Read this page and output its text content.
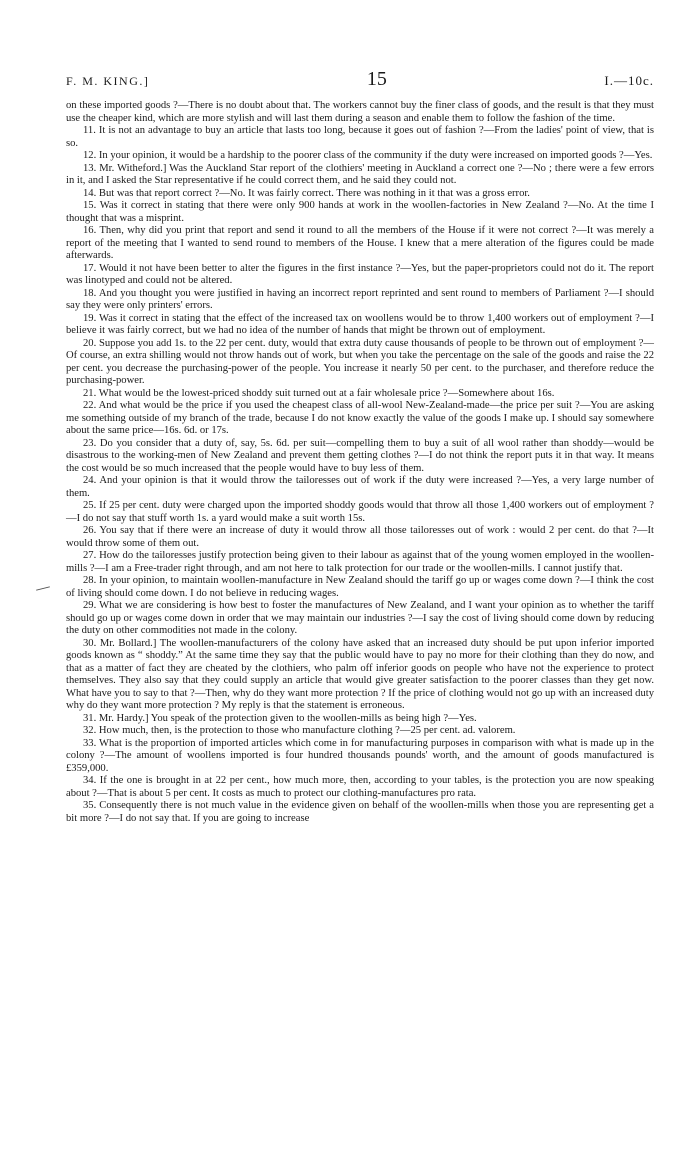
F. M. KING.]	15	I.—10c.

on these imported goods ?—There is no doubt about that. The workers cannot buy the finer class of goods, and the result is that they must use the cheaper kind, which are more stylish and will last them during a season and enable them to follow the fashion of the time.

11. It is not an advantage to buy an article that lasts too long, because it goes out of fashion ?—From the ladies' point of view, that is so.

12. In your opinion, it would be a hardship to the poorer class of the community if the duty were increased on imported goods ?—Yes.

13. Mr. Witheford.] Was the Auckland Star report of the clothiers' meeting in Auckland a correct one ?—No ; there were a few errors in it, and I asked the Star representative if he could correct them, and he said they could not.

14. But was that report correct ?—No. It was fairly correct. There was nothing in it that was a gross error.

15. Was it correct in stating that there were only 900 hands at work in the woollen-factories in New Zealand ?—No. At the time I thought that was a misprint.

16. Then, why did you print that report and send it round to all the members of the House if it were not correct ?—It was merely a report of the meeting that I wanted to send round to members of the House. I knew that a mere alteration of the figures could be made afterwards.

17. Would it not have been better to alter the figures in the first instance ?—Yes, but the paper-proprietors could not do it. The report was linotyped and could not be altered.

18. And you thought you were justified in having an incorrect report reprinted and sent round to members of Parliament ?—I should say they were only printers' errors.

19. Was it correct in stating that the effect of the increased tax on woollens would be to throw 1,400 workers out of employment ?—I believe it was fairly correct, but we had no idea of the number of hands that might be thrown out of employment.

20. Suppose you add 1s. to the 22 per cent. duty, would that extra duty cause thousands of people to be thrown out of employment ?—Of course, an extra shilling would not throw hands out of work, but when you take the percentage on the sale of the goods and raise the 22 per cent. you decrease the purchasing-power of the people. You increase it nearly 50 per cent. to the purchaser, and therefore reduce the purchasing-power.

21. What would be the lowest-priced shoddy suit turned out at a fair wholesale price ?—Somewhere about 16s.

22. And what would be the price if you used the cheapest class of all-wool New-Zealand-made—the price per suit ?—You are asking me something outside of my branch of the trade, because I do not know exactly the value of the goods I make up. I should say somewhere about the same price—16s. 6d. or 17s.

23. Do you consider that a duty of, say, 5s. 6d. per suit—compelling them to buy a suit of all wool rather than shoddy—would be disastrous to the working-men of New Zealand and prevent them getting clothes ?—I do not think the report puts it in that way. It means the cost would be so much increased that the people would have to buy less of them.

24. And your opinion is that it would throw the tailoresses out of work if the duty were increased ?—Yes, a very large number of them.

25. If 25 per cent. duty were charged upon the imported shoddy goods would that throw all those 1,400 workers out of employment ?—I do not say that stuff worth 1s. a yard would make a suit worth 15s.

26. You say that if there were an increase of duty it would throw all those tailoresses out of work : would 2 per cent. do that ?—It would throw some of them out.

27. How do the tailoresses justify protection being given to their labour as against that of the young women employed in the woollen-mills ?—I am a Free-trader right through, and am not here to talk protection for our trade or the woollen-mills. I cannot justify that.

28. In your opinion, to maintain woollen-manufacture in New Zealand should the tariff go up or wages come down ?—I think the cost of living should come down. I do not believe in reducing wages.

29. What we are considering is how best to foster the manufactures of New Zealand, and I want your opinion as to whether the tariff should go up or wages come down in order that we may maintain our industries ?—I say the cost of living should come down by reducing the duty on other commodities not made in the colony.

30. Mr. Bollard.] The woollen-manufacturers of the colony have asked that an increased duty should be put upon inferior imported goods known as “ shoddy.” At the same time they say that the public would have to pay no more for their clothing than they do now, and that as a matter of fact they are cheated by the clothiers, who palm off inferior goods on people who have not the experience to protect themselves. They also say that they could supply an article that would give greater satisfaction to the poorer classes than they get now. What have you to say to that ?—Then, why do they want more protection ? If the price of clothing would not go up with an increased duty why do they want more protection ? My reply is that the statement is erroneous.

31. Mr. Hardy.] You speak of the protection given to the woollen-mills as being high ?—Yes.

32. How much, then, is the protection to those who manufacture clothing ?—25 per cent. ad. valorem.

33. What is the proportion of imported articles which come in for manufacturing purposes in comparison with what is made up in the colony ?—The amount of woollens imported is four hundred thousands pounds' worth, and the amount of goods manufactured is £359,000.

34. If the one is brought in at 22 per cent., how much more, then, according to your tables, is the protection you are now speaking about ?—That is about 5 per cent. It costs as much to protect our clothing-manufactures pro rata.

35. Consequently there is not much value in the evidence given on behalf of the woollen-mills when those you are representing get a bit more ?—I do not say that. If you are going to increase
